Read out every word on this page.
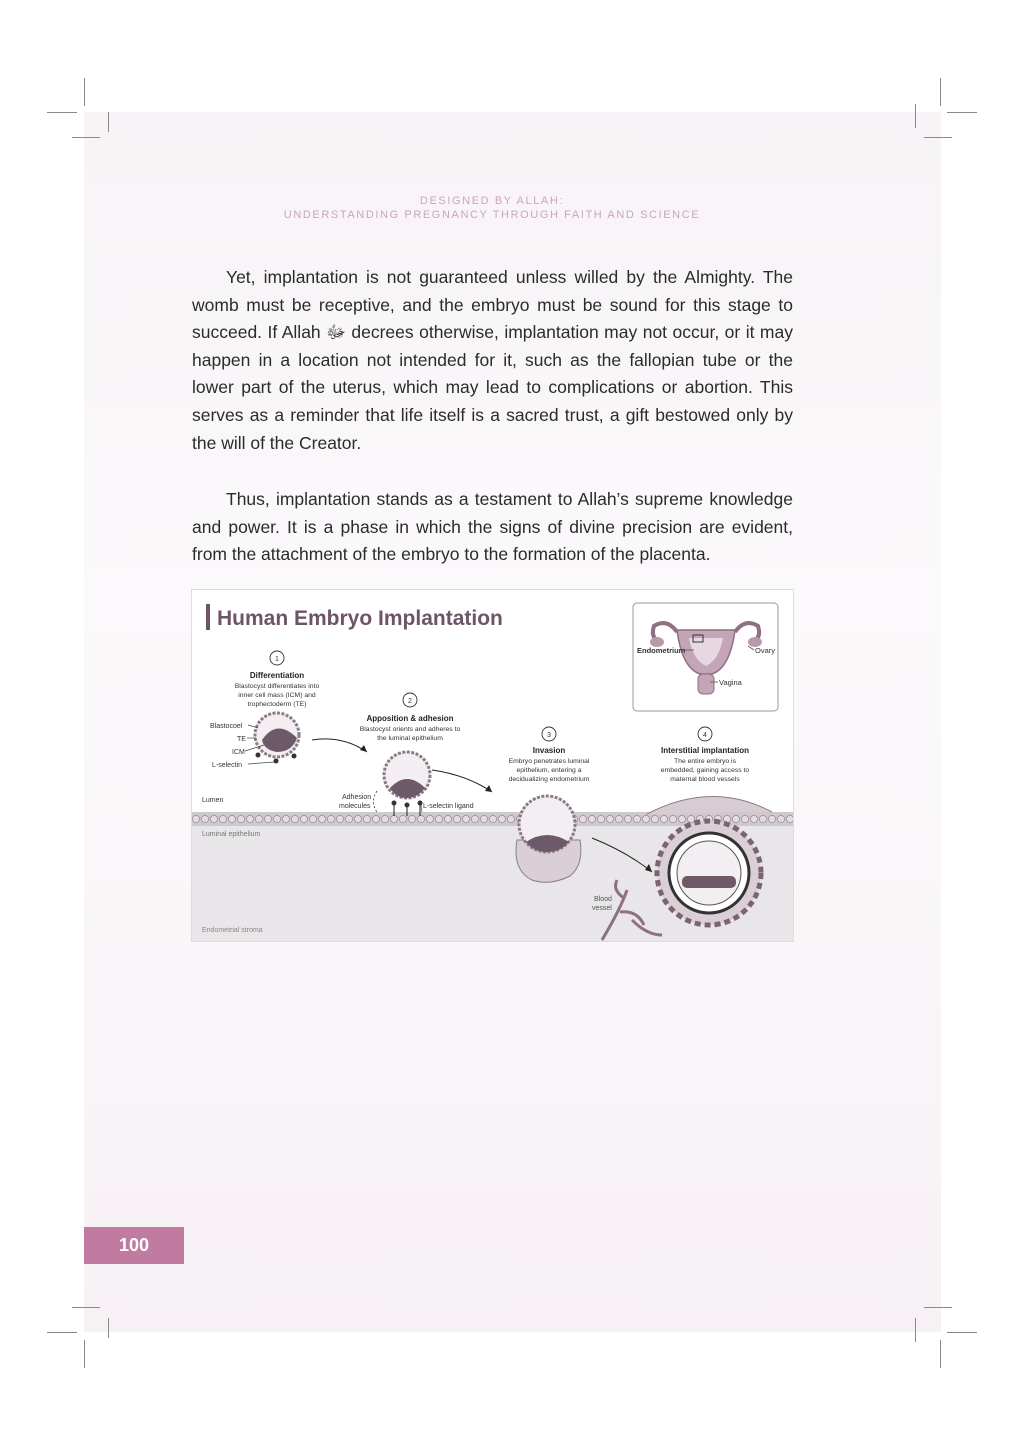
DESIGNED BY ALLAH:
UNDERSTANDING PREGNANCY THROUGH FAITH AND SCIENCE

Yet, implantation is not guaranteed unless willed by the Almighty. The womb must be receptive, and the embryo must be sound for this stage to succeed. If Allah ﷻ decrees otherwise, implantation may not occur, or it may happen in a location not intended for it, such as the fallopian tube or the lower part of the uterus, which may lead to complications or abortion. This serves as a reminder that life itself is a sacred trust, a gift bestowed only by the will of the Creator.

Thus, implantation stands as a testament to Allah’s supreme knowledge and power. It is a phase in which the signs of divine precision are evident, from the attachment of the embryo to the formation of the placenta.

Human Embryo Implantation
Endometrium	Ovary
Vagina
1
Differentiation
Blastocyst differentiates into
inner cell mass (ICM) and
trophectoderm (TE)
Blastocoel
TE
ICM
L-selectin
2
Apposition & adhesion
Blastocyst orients and adheres to
the luminal epithelium
Lumen	Adhesion
molecules	L-selectin ligand
3
Invasion
Embryo penetrates luminal
epithelium, entering a
decidualizing endometrium
4
Interstitial implantation
The entire embryo is
embedded, gaining access to
maternal blood vessels
Blood
vessel
Luminal epithelium
Endometrial stroma
100
